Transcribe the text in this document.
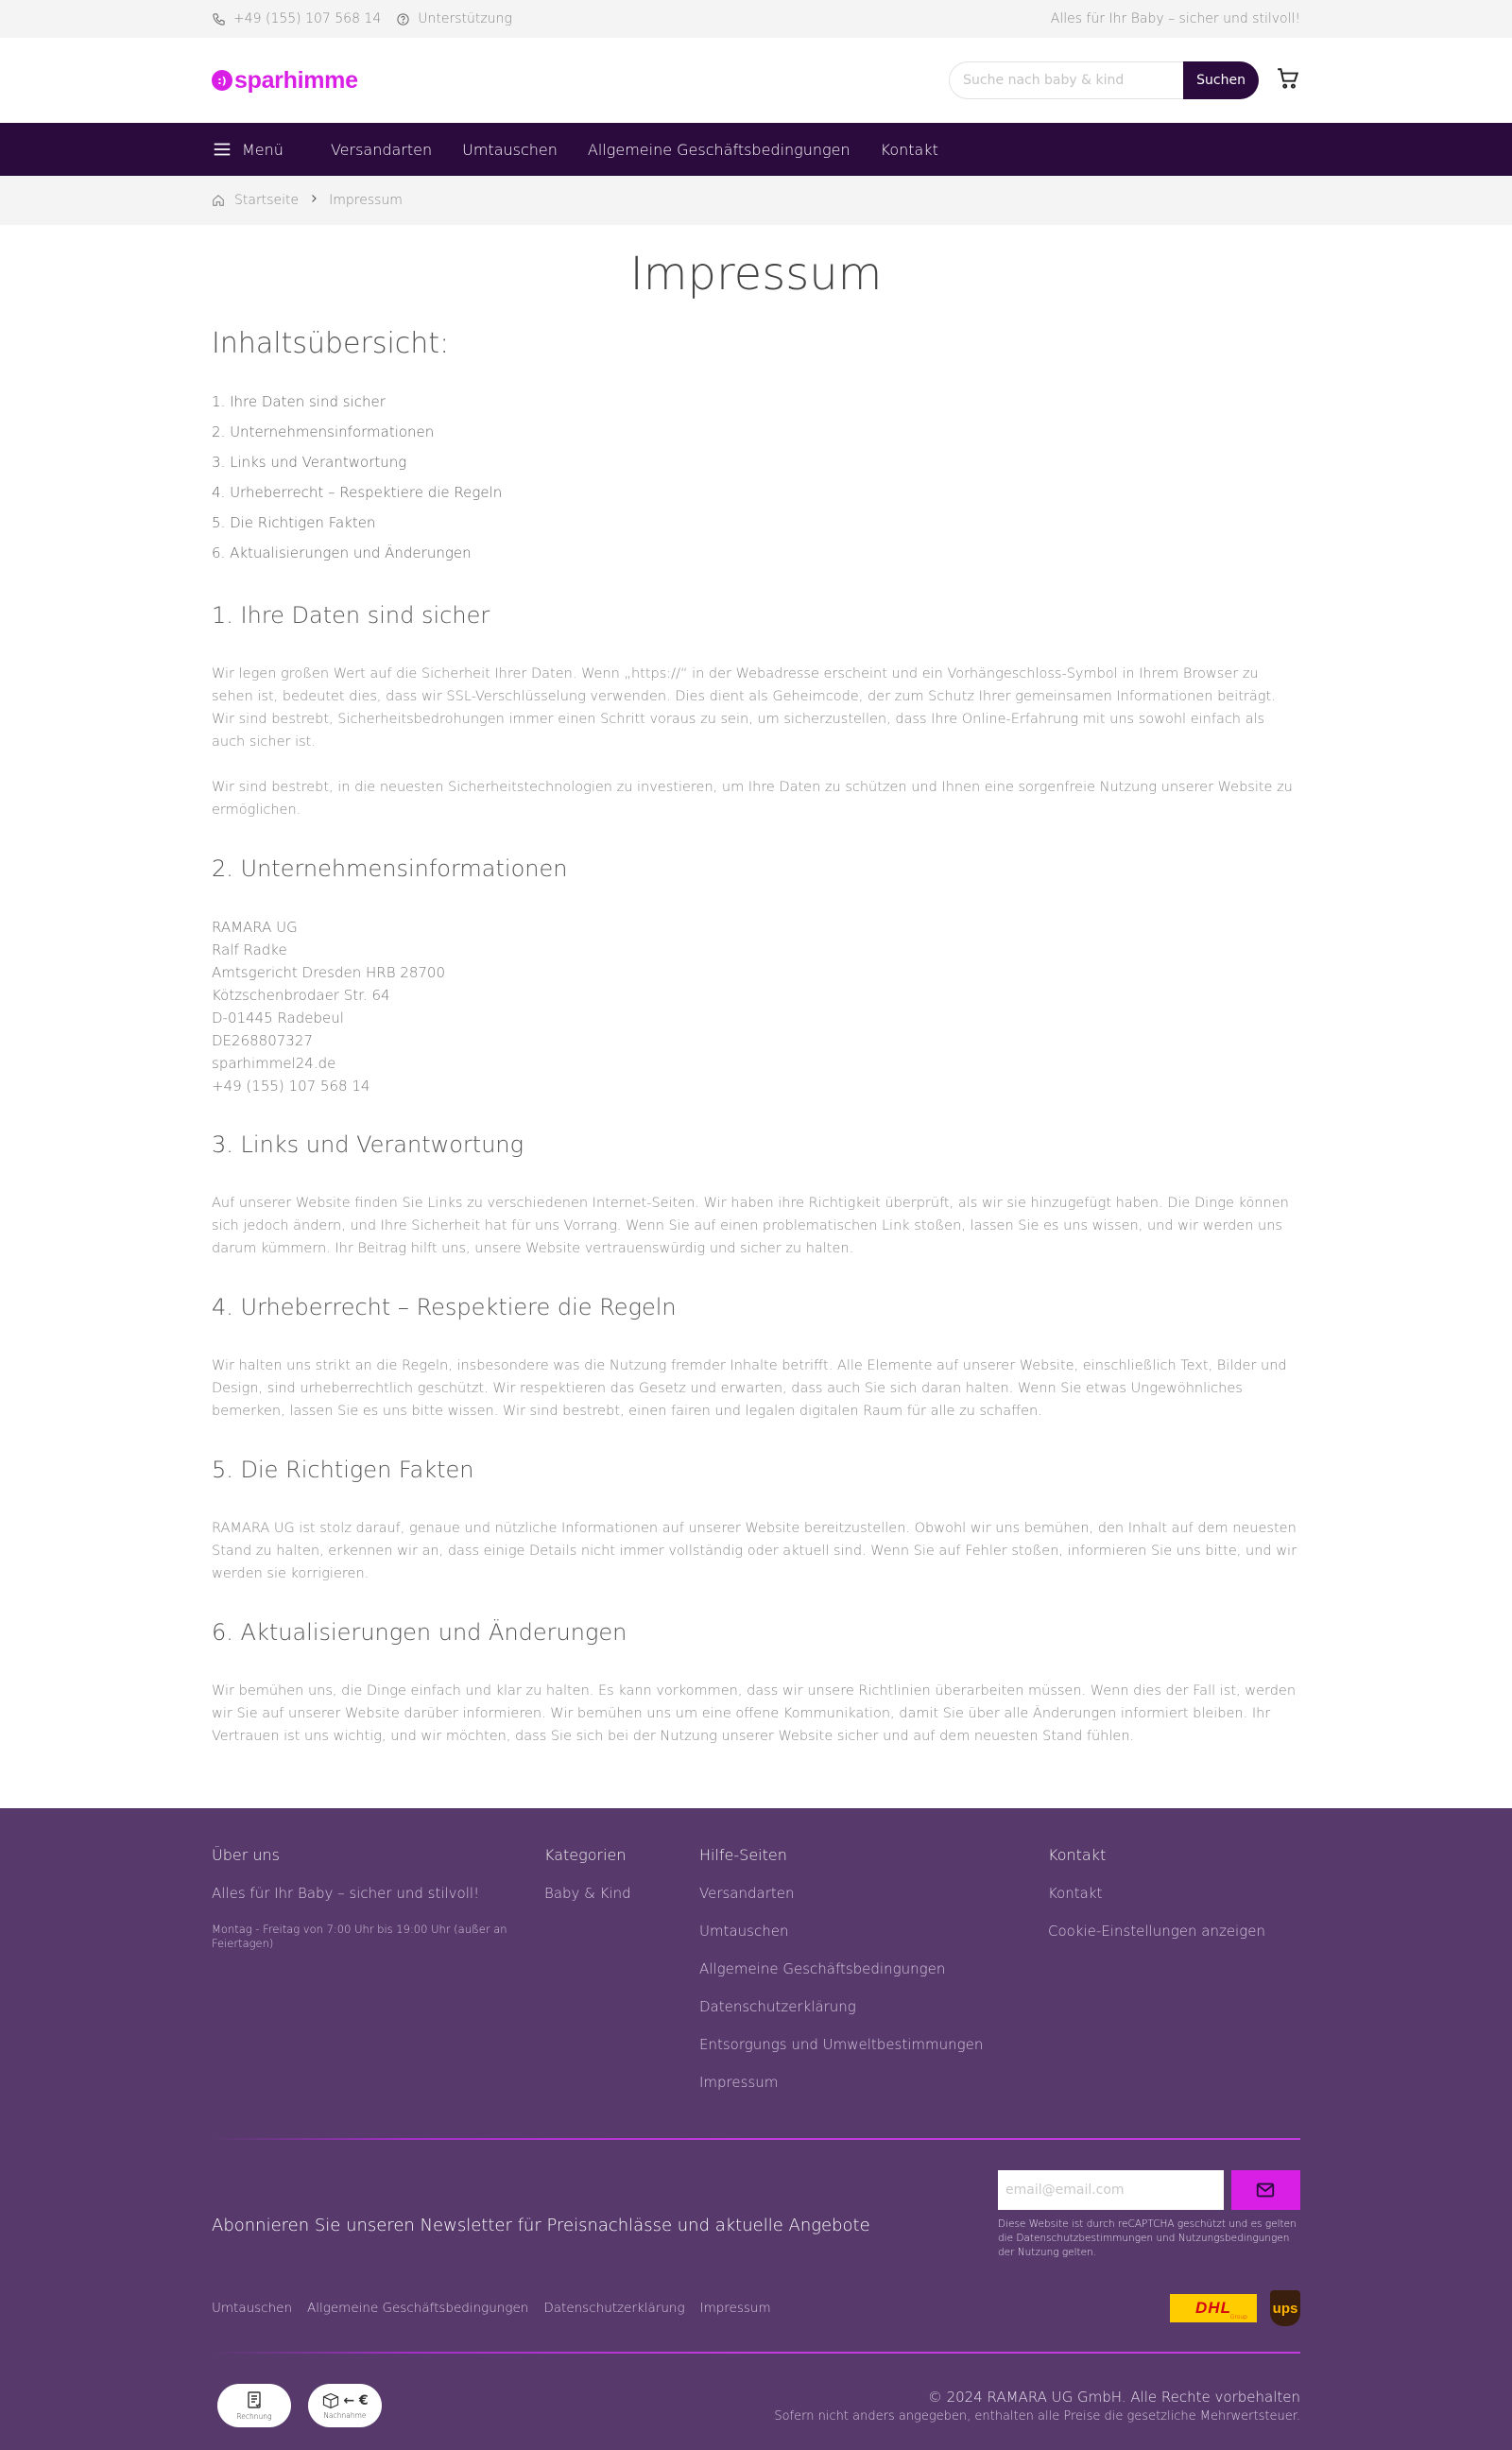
+49 (155) 107 568 14	Unterstützung	Alles für Ihr Baby – sicher und stilvoll!
:) sparhimme
Suche nach baby & kind	Suchen
Menü	Versandarten Umtauschen Allgemeine Geschäftsbedingungen Kontakt
Startseite Impressum
Impressum
Inhaltsübersicht:
1. Ihre Daten sind sicher
2. Unternehmensinformationen
3. Links und Verantwortung
4. Urheberrecht – Respektiere die Regeln
5. Die Richtigen Fakten
6. Aktualisierungen und Änderungen
1. Ihre Daten sind sicher

Wir legen großen Wert auf die Sicherheit Ihrer Daten. Wenn „https://“ in der Webadresse erscheint und ein Vorhängeschloss-Symbol in Ihrem Browser zu sehen ist, bedeutet dies, dass wir SSL-Verschlüsselung verwenden. Dies dient als Geheimcode, der zum Schutz Ihrer gemeinsamen Informationen beiträgt. Wir sind bestrebt, Sicherheitsbedrohungen immer einen Schritt voraus zu sein, um sicherzustellen, dass Ihre Online-Erfahrung mit uns sowohl einfach als auch sicher ist.

Wir sind bestrebt, in die neuesten Sicherheitstechnologien zu investieren, um Ihre Daten zu schützen und Ihnen eine sorgenfreie Nutzung unserer Website zu ermöglichen.

2. Unternehmensinformationen

RAMARA UG

Ralf Radke

Amtsgericht Dresden HRB 28700

Kötzschenbrodaer Str. 64

D-01445 Radebeul

DE268807327

sparhimmel24.de

+49 (155) 107 568 14

3. Links und Verantwortung

Auf unserer Website finden Sie Links zu verschiedenen Internet-Seiten. Wir haben ihre Richtigkeit überprüft, als wir sie hinzugefügt haben. Die Dinge können sich jedoch ändern, und Ihre Sicherheit hat für uns Vorrang. Wenn Sie auf einen problematischen Link stoßen, lassen Sie es uns wissen, und wir werden uns darum kümmern. Ihr Beitrag hilft uns, unsere Website vertrauenswürdig und sicher zu halten.

4. Urheberrecht – Respektiere die Regeln

Wir halten uns strikt an die Regeln, insbesondere was die Nutzung fremder Inhalte betrifft. Alle Elemente auf unserer Website, einschließlich Text, Bilder und Design, sind urheberrechtlich geschützt. Wir respektieren das Gesetz und erwarten, dass auch Sie sich daran halten. Wenn Sie etwas Ungewöhnliches bemerken, lassen Sie es uns bitte wissen. Wir sind bestrebt, einen fairen und legalen digitalen Raum für alle zu schaffen.

5. Die Richtigen Fakten

RAMARA UG ist stolz darauf, genaue und nützliche Informationen auf unserer Website bereitzustellen. Obwohl wir uns bemühen, den Inhalt auf dem neuesten Stand zu halten, erkennen wir an, dass einige Details nicht immer vollständig oder aktuell sind. Wenn Sie auf Fehler stoßen, informieren Sie uns bitte, und wir werden sie korrigieren.

6. Aktualisierungen und Änderungen

Wir bemühen uns, die Dinge einfach und klar zu halten. Es kann vorkommen, dass wir unsere Richtlinien überarbeiten müssen. Wenn dies der Fall ist, werden wir Sie auf unserer Website darüber informieren. Wir bemühen uns um eine offene Kommunikation, damit Sie über alle Änderungen informiert bleiben. Ihr Vertrauen ist uns wichtig, und wir möchten, dass Sie sich bei der Nutzung unserer Website sicher und auf dem neuesten Stand fühlen.

Über uns
Alles für Ihr Baby – sicher und stilvoll!
Montag - Freitag von 7:00 Uhr bis 19:00 Uhr (außer an Feiertagen)
Kategorien
Baby & Kind
Hilfe-Seiten
Versandarten
Umtauschen
Allgemeine Geschäftsbedingungen
Datenschutzerklärung
Entsorgungs und Umweltbestimmungen
Impressum
Kontakt
Kontakt
Cookie-Einstellungen anzeigen
Abonnieren Sie unseren Newsletter für Preisnachlässe und aktuelle Angebote
email@email.com	Diese Website ist durch reCAPTCHA geschützt und es gelten die Datenschutzbestimmungen und Nutzungsbedingungen der Nutzung gelten.
Umtauschen Allgemeine Geschäftsbedingungen Datenschutzerklärung Impressum	DHL
Group
ups
Rechnung
← €
Nachnahme
© 2024 RAMARA UG GmbH. Alle Rechte vorbehalten
Sofern nicht anders angegeben, enthalten alle Preise die gesetzliche Mehrwertsteuer.
